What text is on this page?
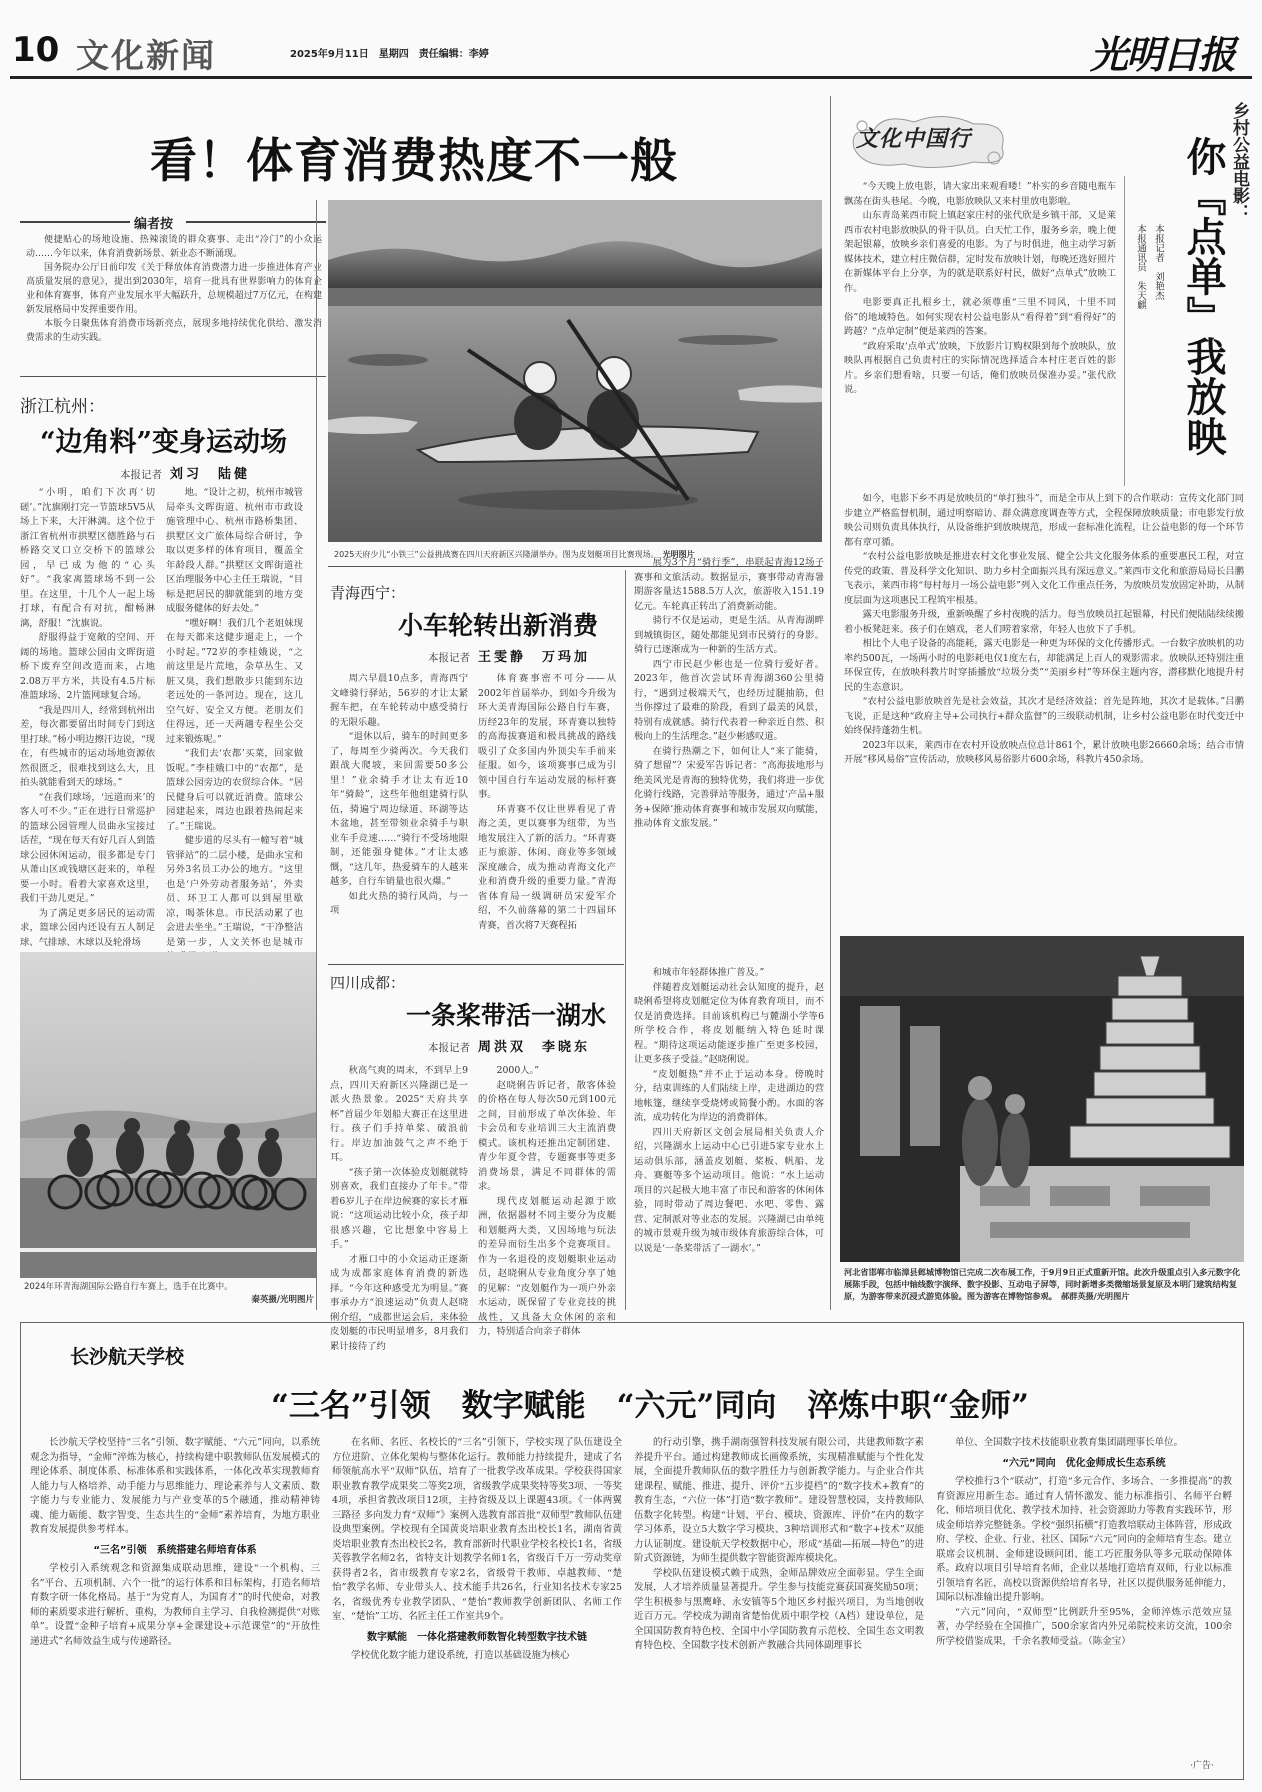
10 文化新闻	2025年9月11日　星期四　责任编辑：李婷	光明日报
看！体育消费热度不一般
编者按

便捷贴心的场地设施、热辣滚烫的群众赛事、走出“冷门”的小众运动……今年以来，体育消费新场景、新业态不断涌现。

国务院办公厅日前印发《关于释放体育消费潜力进一步推进体育产业高质量发展的意见》，提出到2030年，培育一批具有世界影响力的体育企业和体育赛事，体育产业发展水平大幅跃升，总规模超过7万亿元，在构建新发展格局中发挥重要作用。

本版今日聚焦体育消费市场新亮点，展现多地持续优化供给、激发消费需求的生动实践。

浙江杭州：
“边角料”变身运动场
本报记者 刘习　陆健

“小明，咱们下次再‘切磋’。”沈旗刚打完一节篮球5V5从场上下来，大汗淋漓。这个位于浙江省杭州市拱墅区德胜路与石桥路交叉口立交桥下的篮球公园，早已成为他的“心头好”。“我家离篮球场不到一公里。在这里，十几个人一起上场打球，有配合有对抗，酣畅淋漓，舒服！”沈旗说。

舒服得益于宽敞的空间、开阔的场地。篮球公园由文晖街道桥下废弃空间改造而来，占地2.08万平方米，共设有4.5片标准篮球场、2片篮网球复合场。

“我是四川人，经常到杭州出差，每次都要留出时间专门到这里打球。”杨小明边擦汗边说，“现在，有些城市的运动场地资源依然很匮乏，很难找到这么大，且拍头就能看到天的球场。”

“在我们球场，‘远道而来’的客人可不少。”正在进行日常巡护的篮球公园管理人员曲永宝接过话茬，“现在每天有好几百人到篮球公园休闲运动，很多都是专门从萧山区或钱塘区赶来的，单程要一小时。看着大家喜欢这里，我们干劲儿更足。”

为了满足更多居民的运动需求，篮球公园内还设有五人制足球、气排球、木球以及轮滑场

地。“设计之初，杭州市城管局牵头文晖街道、杭州市市政设施管理中心、杭州市路桥集团、拱墅区文广旅体局综合研讨，争取以更多样的体育项目，覆盖全年龄段人群。”拱墅区文晖街道社区治理服务中心主任王瑞说，“目标是把居民的脚就能到的地方变成服务健体的好去处。”

“嘿好啊！我们几个老姐妹现在每天都来这健步遛走上，一个小时起。”72岁的李桂娥说，“之前这里是片荒地，杂草丛生、又脏又臭，我们想散步只能到东边老远处的一条河边。现在，这儿空气好、安全又方便。老朋友们住得远，还一天两趟专程坐公交过来锻炼呢。”

“我们去‘农都’买菜，回家做饭呢。”李桂娥口中的“农都”，是篮球公园旁边的农贸综合体。“居民健身后可以就近消费。篮球公园建起来，周边也跟着热闹起来了。”王瑞说。

健步道的尽头有一幢写着“城管驿站”的二层小楼，是曲永宝和另外3名员工办公的地方。“这里也是‘户外劳动者服务站’，外卖员、环卫工人都可以到屋里歇凉，喝茶休息。市民活动累了也会进去坐坐。”王瑞说，“干净整洁是第一步，人文关怀也是城市

2025天府少儿“小铁三”公益挑战赛在四川天府新区兴隆湖举办。图为皮划艇项目比赛现场。　 光明图片
青海西宁：
小车轮转出新消费
本报记者 王雯静　万玛加

周六早晨10点多，青海西宁文峰骑行驿站，56岁的才让太紧握车把，在车轮转动中感受骑行的无限乐趣。

“退休以后，骑车的时间更多了，每周至少骑两次。今天我们跟战大爬坡，来回需要50多公里！”业余骑手才让太有近10年“骑龄”，这些年他组建骑行队伍，骑遍宁周边绿道、环湖等达木盆地，甚至带领业余骑手与职业车手竞速……“骑行不受场地限制，还能强身健体。”才让太感慨，“这几年，热爱骑车的人越来越多，自行车销量也很火爆。”

如此火热的骑行风尚，与一项

体育赛事密不可分——从2002年首届举办，到如今升级为环大美青海国际公路自行车赛，历经23年的发展，环青赛以独特的高海拔赛道和极具挑战的路线吸引了众多国内外顶尖车手前来征服。如今，该项赛事已成为引领中国自行车运动发展的标杆赛事。

环青赛不仅让世界看见了青海之美，更以赛事为纽带，为当地发展注入了新的活力。“环青赛正与旅游、休闲、商业等多领域深度融合，成为推动青海文化产业和消费升级的重要力量。”青海省体育局一级调研员宋爱军介绍，不久前落幕的第二十四届环青赛，首次将7天赛程拓

展为3个月“骑行季”，串联起青海12场子赛事和文旅活动。数据显示，赛事带动青海暑期游客量达1588.5万人次，旅游收入151.19亿元。车轮真正转出了消费新动能。

骑行不仅是运动，更是生活。从青海湖畔到城镇街区，随处都能见到市民骑行的身影。骑行已逐渐成为一种新的生活方式。

西宁市民赵少彬也是一位骑行爱好者。2023年，他首次尝试环青海湖360公里骑行，“遇到过极端天气，也经历过腿抽筋，但当你撑过了最难的阶段，看到了最美的风景，特别有成就感。骑行代表着一种亲近自然、积极向上的生活理念。”赵少彬感叹道。

在骑行热潮之下，如何让人“来了能骑，骑了想留”？宋爱军告诉记者：“高海拔地形与绝美风光是青海的独特优势，我们将进一步优化骑行线路，完善驿站等服务，通过‘产品+服务+保障’推动体育赛事和城市发展双向赋能，推动体育文旅发展。”

四川成都：
一条桨带活一湖水
本报记者 周洪双　李晓东

秋高气爽的周末，不到早上9点，四川天府新区兴隆湖已是一派火热景象。2025“天府共享杯”首届少年划船大赛正在这里进行。孩子们手持单桨、破浪前行。岸边加油鼓气之声不绝于耳。

“孩子第一次体验皮划艇就特别喜欢，我们直接办了年卡。”带着6岁儿子在岸边候赛的家长才雁说：“这项运动比较小众，孩子却很感兴趣，它比想象中容易上手。”

才雁口中的小众运动正逐渐成为成都家庭体育消费的新选择。“今年这种感受尤为明显。”赛事承办方“浪速运动”负责人赵晓俐介绍，“成都世运会后，来体验皮划艇的市民明显增多，8月我们累计接待了约

2000人。”

赵晓俐告诉记者，散客体验的价格在每人每次50元到100元之间，目前形成了单次体验、年卡会员和专业培训三大主流消费模式。该机构还推出定制团建、青少年夏令营，专题赛事等更多消费场景，满足不同群体的需求。

现代皮划艇运动起源于欧洲，依据器材不同主要分为皮艇和划艇两大类，又因场地与玩法的差异而衍生出多个竞赛项目。作为一名退役的皮划艇职业运动员，赵晓俐从专业角度分享了她的见解：“皮划艇作为一项户外亲水运动，既保留了专业竞技的挑战性，又具备大众休闲的亲和力，特别适合向亲子群体

和城市年轻群体推广普及。”

伴随着皮划艇运动社会认知度的提升，赵晓俐希望将皮划艇定位为体育教育项目，而不仅是消费选择。目前该机构已与麓湖小学等6所学校合作，将皮划艇纳入特色延时课程。“期待这项运动能逐步推广至更多校园，让更多孩子受益。”赵晓俐说。

“皮划艇热”并不止于运动本身。傍晚时分，结束训练的人们陆续上岸，走进湖边的营地帐篷，继续享受烧烤或简餐小酌。水面的客流，成功转化为岸边的消费群体。

四川天府新区文创会展局相关负责人介绍，兴隆湖水上运动中心已引进5家专业水上运动俱乐部，涵盖皮划艇、桨板、帆船、龙舟、赛艇等多个运动项目。他说：“水上运动项目的兴起极大地丰富了市民和游客的休闲体验，同时带动了周边餐吧、水吧、零售、露营、定制派对等业态的发展。兴隆湖已由单纯的城市景观升级为城市级体育旅游综合体，可以说是‘一条桨带活了一湖水’。”

2024年环青海湖国际公路自行车赛上，选手在比赛中。
秦英摄/光明图片
文化中国行	乡村公益电影：
你『点单』我放映
本报记者　刘艳杰
本报通讯员　朱天麒

“今天晚上放电影，请大家出来观看喽！”朴实的乡音随电瓶车飘荡在街头巷尾。今晚，电影放映队又来村里放电影啦。

山东青岛莱西市院上镇赵家庄村的张代欣是乡镇干部，又是莱西市农村电影放映队的骨干队员。白天忙工作，服务乡亲，晚上便架起银幕，放映乡亲们喜爱的电影。为了与时俱进，他主动学习新媒体技术，建立村庄微信群，定时发布放映计划，每晚还选好照片在新媒体平台上分享，为的就是联系好村民，做好“点单式”放映工作。

电影要真正扎根乡土，就必须尊重“三里不同风，十里不同俗”的地域特色。如何实现农村公益电影从“看得着”到“看得好”的跨越？“点单定制”便是莱西的答案。

“政府采取‘点单式’放映，下放影片订购权限到每个放映队，放映队再根据自己负责村庄的实际情况选择适合本村庄老百姓的影片。乡亲们想看啥，只要一句话，俺们放映员保准办妥。”张代欣说。

如今，电影下乡不再是放映员的“单打独斗”，而是全市从上到下的合作联动：宣传文化部门同步建立严格监督机制，通过明察暗访、群众满意度调查等方式，全程保障放映质量；市电影发行放映公司则负责具体执行，从设备维护到放映规范，形成一套标准化流程，让公益电影的每一个环节都有章可循。

“农村公益电影放映是推进农村文化事业发展、健全公共文化服务体系的重要惠民工程，对宣传党的政策、普及科学文化知识、助力乡村全面振兴具有深远意义。”莱西市文化和旅游局局长吕鹏飞表示，莱西市将“每村每月一场公益电影”列入文化工作重点任务，为放映员发放固定补助，从制度层面为这项惠民工程筑牢根基。

露天电影服务升级，重新唤醒了乡村夜晚的活力。每当放映员扛起银幕，村民们便陆陆续续搬着小板凳赶来。孩子们在嬉戏，老人们唠着家常，年轻人也放下了手机。

相比个人电子设备的高能耗，露天电影是一种更为环保的文化传播形式。一台数字放映机的功率约500瓦，一场两小时的电影耗电仅1度左右，却能满足上百人的观影需求。放映队还特别注重环保宣传，在放映科教片时穿插播放“垃圾分类”“美丽乡村”等环保主题内容，潜移默化地提升村民的生态意识。

“农村公益电影放映首先是社会效益，其次才是经济效益；首先是阵地，其次才是载体。”吕鹏飞说，正是这种“政府主导+公司执行+群众监督”的三级联动机制，让乡村公益电影在时代变迁中始终保持蓬勃生机。

2023年以来，莱西市在农村开设放映点位总计861个，累计放映电影26660余场；结合市情开展“移风易俗”宣传活动，放映移风易俗影片600余场，科教片450余场。

河北省邯郸市临漳县邺城博物馆已完成二次布展工作，于9月9日正式重新开馆。此次升级重点引入多元数字化展陈手段，包括中轴线数字演绎、数字投影、互动电子屏等，同时新增多类微缩场景复原及本明门建筑结构复原，为游客带来沉浸式游览体验。图为游客在博物馆参观。　 郝群英摄/光明图片
长沙航天学校
“三名”引领　数字赋能　“六元”同向　淬炼中职“金师”

长沙航天学校坚持“三名”引领、数字赋能、“六元”同向，以系统观念为指导，“金师”淬炼为核心，持续构建中职教师队伍发展模式的理论体系、制度体系、标准体系和实践体系，一体化改革实现教师育人能力与人格培养、动手能力与思维能力、理论素养与人文素质、数字能力与专业能力、发展能力与产业变革的5个融通，推动精神铸魂、能力砺能、数字智变、生态共生的“金师”素养培育，为地方职业教育发展提供参考样本。

“三名”引领　系统搭建名师培育体系

学校引入系统观念和资源集成联动思维，建设“一个机构、三名”平台、五项机制、六个一批”的运行体系和目标架构，打造名师培育数字研一体化格局。基于“为党育人，为国育才”的时代使命，对教师的素质要求进行解析、重构，为教师自主学习、自我检测提供“对账单”。设置“金种子培育+成果分享+金课建设+示范课堂”的“开放性递进式”名师效益生成与传递路径。

在名师、名匠、名校长的“三名”引领下，学校实现了队伍建设全方位进阶、立体化架构与整体化运行。教师能力持续提升，建成了名师领航高水平“双师”队伍，培育了一批教学改革成果。学校获得国家职业教育教学成果奖二等奖2项，省级教学成果奖特等奖3项、一等奖4项，承担省教改项目12项，主持省级及以上课题43项。《一体两翼三路径 多向发力育“双师”》案例入选教育部首批“双师型”教师队伍建设典型案例。学校现有全国黄炎培职业教育杰出校长1名，湖南省黄炎培职业教育杰出校长2名，教育部新时代职业学校名校长1名，省级芙蓉教学名师2名，省特支计划教学名师1名，省级百千万一劳动奖章获得者2名，省市级教育专家2名，省级骨干教师、卓越教师、“楚怡”教学名师、专业带头人、技术能手共26名，行业知名技术专家25名，省级优秀专业教学团队、“楚怡”教师教学创新团队、名师工作室、“楚怡”工坊、名匠主任工作室共9个。

数字赋能　一体化搭建教师数智化转型数字技术链

学校优化数字能力建设系统，打造以基础设施为核心

的行动引擎，携手湖南强智科技发展有限公司，共建教师数字素养提升平台。通过构建教师成长画像系统，实现精准赋能与个性化发展，全面提升教师队伍的数字胜任力与创新教学能力。与企业合作共建课程、赋能、推进、提升、评价“五步提档”的“数字技术+教育”的教育生态，“六位一体”打造“数字教师”。建设智慧校园，支持教师队伍数字化转型。构建“计划、平台、模块、资源库、评价”在内的数字学习体系，设立5大数字学习模块、3种培训形式和“数字+技术”双能力认证制度。建设航天学校数据中心，形成“基础—拓展—特色”的进阶式资源链，为师生提供数字智能资源库模块化。

学校队伍建设模式赖于成熟，金师品牌效应全面彰显。学生全面发展，人才培养质量显著提升。学生参与技能竞赛获国赛奖励50项；学生积极参与黑鹰峰、永安镇等5个地区乡村振兴项目，为当地创收近百万元。学校成为湖南省楚怡优质中职学校（A档）建设单位，是全国国防教育特色校、全国中小学国防教育示范校、全国生态文明教育特色校、全国数字技术创新产教融合共同体副理事长

单位、全国数字技术技能职业教育集团副理事长单位。

“六元”同向　优化金师成长生态系统

学校推行3个“联动”，打造“多元合作、多场合、一多推提高”的教育资源应用新生态。通过育人情怀激发、能力标准指引、名师平台孵化、师培项目优化、教学技术加持、社会资源助力等教育实践环节，形成金师培养完整链条。学校“强织拓横”打造教培联动主体阵营，形成政府、学校、企业、行业、社区、国际“六元”同向的金师培育生态。建立联席会议机制、金师建设顾问团、能工巧匠服务队等多元联动保障体系。政府以项目引导培育名师，企业以基地打造培育双师，行业以标准引领培育名匠，高校以资源供给培育名导，社区以提供服务延伸能力，国际以标准输出提升影响。

“六元”同向，“双师型”比例跃升至95%，金师淬炼示范效应显著，办学经验在全国推广，500余家省内外兄弟院校来访交流，100余所学校借鉴成果，千余名教师受益。（陈金宝）

·广告·
